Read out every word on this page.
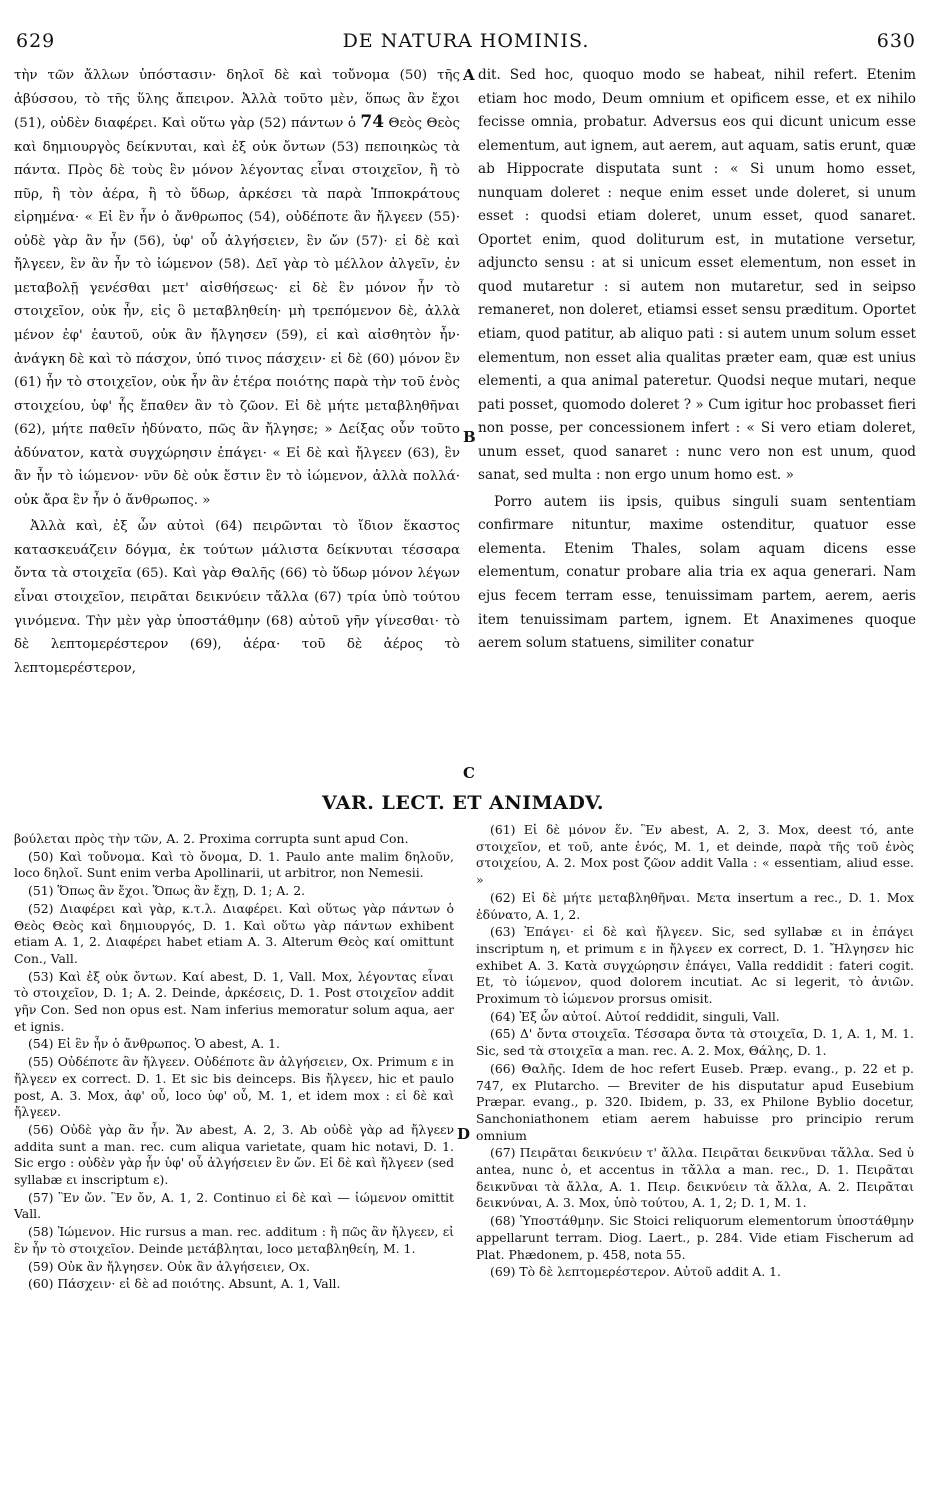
629	DE NATURA HOMINIS.	630

τὴν τῶν ἄλλων ὑπόστασιν· δηλοῖ δὲ καὶ τοὔνομα (50) τῆς ἀβύσσου, τὸ τῆς ὕλης ἄπειρον. Ἀλλὰ τοῦτο μὲν, ὅπως ἂν ἔχοι (51), οὐδὲν διαφέρει. Καὶ οὕτω γὰρ (52) πάντων ὁ 74 Θεὸς Θεὸς καὶ δημιουργὸς δείκνυται, καὶ ἐξ οὐκ ὄντων (53) πεποιηκὼς τὰ πάντα. Πρὸς δὲ τοὺς ἓν μόνον λέγοντας εἶναι στοιχεῖον, ἢ τὸ πῦρ, ἢ τὸν ἀέρα, ἢ τὸ ὕδωρ, ἀρκέσει τὰ παρὰ Ἱπποκράτους εἰρημένα· « Εἰ ἓν ἦν ὁ ἄνθρωπος (54), οὐδέποτε ἂν ἤλγεεν (55)· οὐδὲ γὰρ ἂν ἦν (56), ὑφ' οὗ ἀλγήσειεν, ἓν ὤν (57)· εἰ δὲ καὶ ἤλγεεν, ἓν ἂν ἦν τὸ ἰώμενον (58). Δεῖ γὰρ τὸ μέλλον ἀλγεῖν, ἐν μεταβολῇ γενέσθαι μετ' αἰσθήσεως· εἰ δὲ ἓν μόνον ἦν τὸ στοιχεῖον, οὐκ ἦν, εἰς ὃ μεταβληθείη· μὴ τρεπόμενον δὲ, ἀλλὰ μένον ἐφ' ἑαυτοῦ, οὐκ ἂν ἤλγησεν (59), εἰ καὶ αἰσθητὸν ἦν· ἀνάγκη δὲ καὶ τὸ πάσχον, ὑπό τινος πάσχειν· εἰ δὲ (60) μόνον ἓν (61) ἦν τὸ στοιχεῖον, οὐκ ἦν ἂν ἑτέρα ποιότης παρὰ τὴν τοῦ ἑνὸς στοιχείου, ὑφ' ἧς ἔπαθεν ἂν τὸ ζῶον. Εἰ δὲ μήτε μεταβληθῆναι (62), μήτε παθεῖν ἠδύνατο, πῶς ἂν ἤλγησε; » Δείξας οὖν τοῦτο ἀδύνατον, κατὰ συγχώρησιν ἐπάγει· « Εἰ δὲ καὶ ἤλγεεν (63), ἓν ἂν ἦν τὸ ἰώμενον· νῦν δὲ οὐκ ἔστιν ἓν τὸ ἰώμενον, ἀλλὰ πολλά· οὐκ ἄρα ἓν ἦν ὁ ἄνθρωπος. »

Ἀλλὰ καὶ, ἐξ ὧν αὐτοὶ (64) πειρῶνται τὸ ἴδιον ἕκαστος κατασκευάζειν δόγμα, ἐκ τούτων μάλιστα δείκνυται τέσσαρα ὄντα τὰ στοιχεῖα (65). Καὶ γὰρ Θαλῆς (66) τὸ ὕδωρ μόνον λέγων εἶναι στοιχεῖον, πειρᾶται δεικνύειν τἄλλα (67) τρία ὑπὸ τούτου γινόμενα. Τὴν μὲν γὰρ ὑποστάθμην (68) αὐτοῦ γῆν γίνεσθαι· τὸ δὲ λεπτομερέστερον (69), ἀέρα· τοῦ δὲ ἀέρος τὸ λεπτομερέστερον,

A
B
C
D

dit. Sed hoc, quoquo modo se habeat, nihil refert. Etenim etiam hoc modo, Deum omnium et opificem esse, et ex nihilo fecisse omnia, probatur. Adversus eos qui dicunt unicum esse elementum, aut ignem, aut aerem, aut aquam, satis erunt, quæ ab Hippocrate disputata sunt : « Si unum homo esset, nunquam doleret : neque enim esset unde doleret, si unum esset : quodsi etiam doleret, unum esset, quod sanaret. Oportet enim, quod doliturum est, in mutatione versetur, adjuncto sensu : at si unicum esset elementum, non esset in quod mutaretur : si autem non mutaretur, sed in seipso remaneret, non doleret, etiamsi esset sensu præditum. Oportet etiam, quod patitur, ab aliquo pati : si autem unum solum esset elementum, non esset alia qualitas præter eam, quæ est unius elementi, a qua animal pateretur. Quodsi neque mutari, neque pati posset, quomodo doleret ? » Cum igitur hoc probasset fieri non posse, per concessionem infert : « Si vero etiam doleret, unum esset, quod sanaret : nunc vero non est unum, quod sanat, sed multa : non ergo unum homo est. »

Porro autem iis ipsis, quibus singuli suam sententiam confirmare nituntur, maxime ostenditur, quatuor esse elementa. Etenim Thales, solam aquam dicens esse elementum, conatur probare alia tria ex aqua generari. Nam ejus fecem terram esse, tenuissimam partem, aerem, aeris item tenuissimam partem, ignem. Et Anaximenes quoque aerem solum statuens, similiter conatur

VAR. LECT. ET ANIMADV.

βούλεται πρὸς τὴν τῶν, A. 2. Proxima corrupta sunt apud Con.

(50) Καὶ τοὔνομα. Καὶ τὸ ὄνομα, D. 1. Paulo ante malim δηλοῦν, loco δηλοῖ. Sunt enim verba Apollinarii, ut arbitror, non Nemesii.

(51) Ὅπως ἂν ἔχοι. Ὅπως ἂν ἔχῃ, D. 1; A. 2.

(52) Διαφέρει καὶ γὰρ, κ.τ.λ. Διαφέρει. Καὶ οὕτως γὰρ πάντων ὁ Θεὸς Θεὸς καὶ δημιουργός, D. 1. Καὶ οὕτω γὰρ πάντων exhibent etiam A. 1, 2. Διαφέρει habet etiam A. 3. Alterum Θεὸς καί omittunt Con., Vall.

(53) Καὶ ἐξ οὐκ ὄντων. Καί abest, D. 1, Vall. Mox, λέγοντας εἶναι τὸ στοιχεῖον, D. 1; A. 2. Deinde, ἀρκέσεις, D. 1. Post στοιχεῖον addit γῆν Con. Sed non opus est. Nam inferius memoratur solum aqua, aer et ignis.

(54) Εἰ ἓν ἦν ὁ ἄνθρωπος. Ὁ abest, A. 1.

(55) Οὐδέποτε ἂν ἤλγεεν. Οὐδέποτε ἂν ἀλγήσειεν, Ox. Primum ε in ἤλγεεν ex correct. D. 1. Et sic bis deinceps. Bis ἤλγεεν, hic et paulo post, A. 3. Mox, ἀφ' οὗ, loco ὑφ' οὗ, M. 1, et idem mox : εἰ δὲ καὶ ἤλγεεν.

(56) Οὐδὲ γὰρ ἂν ἦν. Ἄν abest, A. 2, 3. Ab οὐδὲ γὰρ ad ἤλγεεν addita sunt a man. rec. cum aliqua varietate, quam hic notavi, D. 1. Sic ergo : οὐδὲν γὰρ ἦν ὑφ' οὗ ἀλγήσειεν ἓν ὤν. Εἰ δὲ καὶ ἤλγεεν (sed syllabæ ει inscriptum ε).

(57) Ἓν ὤν. Ἓν ὄν, A. 1, 2. Continuo εἰ δὲ καὶ — ἰώμενον omittit Vall.

(58) Ἰώμενον. Hic rursus a man. rec. additum : ἢ πῶς ἂν ἤλγεεν, εἰ ἓν ἦν τὸ στοιχεῖον. Deinde μετάβληται, loco μεταβληθείη, M. 1.

(59) Οὐκ ἂν ἤλγησεν. Οὐκ ἂν ἀλγήσειεν, Ox.

(60) Πάσχειν· εἰ δὲ ad ποιότης. Absunt, A. 1, Vall.

(61) Εἰ δὲ μόνον ἕν. Ἓν abest, A. 2, 3. Mox, deest τό, ante στοιχεῖον, et τοῦ, ante ἑνός, M. 1, et deinde, παρὰ τῆς τοῦ ἑνὸς στοιχείου, A. 2. Mox post ζῶον addit Valla : « essentiam, aliud esse. »

(62) Εἰ δὲ μήτε μεταβληθῆναι. Μετα insertum a rec., D. 1. Mox ἐδύνατο, A. 1, 2.

(63) Ἐπάγει· εἰ δὲ καὶ ἤλγεεν. Sic, sed syllabæ ει in ἐπάγει inscriptum η, et primum ε in ἤλγεεν ex correct, D. 1. Ἤλγησεν hic exhibet A. 3. Κατὰ συγχώρησιν ἐπάγει, Valla reddidit : fateri cogit. Et, τὸ ἰώμενον, quod dolorem incutiat. Ac si legerit, τὸ ἀνιῶν. Proximum τὸ ἰώμενον prorsus omisit.

(64) Ἐξ ὧν αὐτοί. Αὐτοί reddidit, singuli, Vall.

(65) Δ' ὄντα στοιχεῖα. Τέσσαρα ὄντα τὰ στοιχεῖα, D. 1, A. 1, M. 1. Sic, sed τὰ στοιχεῖα a man. rec. A. 2. Mox, Θάλης, D. 1.

(66) Θαλῆς. Idem de hoc refert Euseb. Præp. evang., p. 22 et p. 747, ex Plutarcho. — Breviter de his disputatur apud Eusebium Præpar. evang., p. 320. Ibidem, p. 33, ex Philone Byblio docetur, Sanchoniathonem etiam aerem habuisse pro principio rerum omnium

(67) Πειρᾶται δεικνύειν τ' ἄλλα. Πειρᾶται δεικνῦναι τἄλλα. Sed ὑ antea, nunc ὁ, et accentus in τἄλλα a man. rec., D. 1. Πειρᾶται δεικνῦναι τὰ ἄλλα, A. 1. Πειρ. δεικνύειν τὰ ἄλλα, A. 2. Πειρᾶται δεικνύναι, A. 3. Mox, ὑπὸ τούτου, A. 1, 2; D. 1, M. 1.

(68) Ὑποστάθμην. Sic Stoici reliquorum elementorum ὑποστάθμην appellarunt terram. Diog. Laert., p. 284. Vide etiam Fischerum ad Plat. Phædonem, p. 458, nota 55.

(69) Τὸ δὲ λεπτομερέστερον. Αὐτοῦ addit A. 1.
